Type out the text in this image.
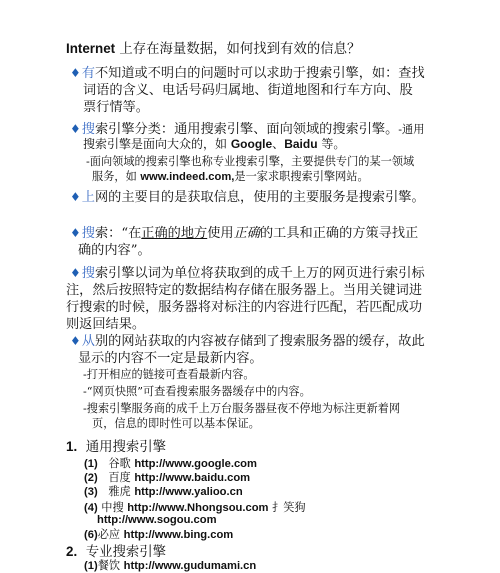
Internet 上存在海量数据，如何找到有效的信息？
♦有不知道或不明白的问题时可以求助于搜索引擎，如：查找
词语的含义、电话号码归属地、街道地图和行车方向、股
票行情等。
♦搜索引擎分类：通用搜索引擎、面向领域的搜索引擎。-通用
搜索引擎是面向大众的，如 Google、Baidu 等。
-面向领域的搜索引擎也称专业搜索引擎，主要提供专门的某一领域
服务，如 www.indeed.com,是一家求职搜索引擎网站。
♦上网的主要目的是获取信息，使用的主要服务是搜索引擎。
♦搜索：“在正确的地方使用正确的工具和正确的方策寻找正
确的内容”。
♦搜索引擎以词为单位将获取到的成千上万的网页进行索引标
注，然后按照特定的数据结构存储在服务器上。当用关键词进
行搜索的时候，服务器将对标注的内容进行匹配，若匹配成功
则返回结果。
♦从别的网站获取的内容被存储到了搜索服务器的缓存，故此
显示的内容不一定是最新内容。
-打开相应的链接可查看最新内容。
-“网页快照”可查看搜索服务器缓存中的内容。
-搜索引擎服务商的成千上万台服务器昼夜不停地为标注更新着网
页，信息的即时性可以基本保证。
1. 通用搜索引擎
(1) 谷歌 http://www.google.com
(2) 百度 http://www.baidu.com
(3) 雅虎 http://www.yalioo.cn
(4) 中搜 http://www.Nhongsou.com 扌笑狗
http://www.sogou.com
(6)必应 http://www.bing.com
2. 专业搜索引擎
(1)餐饮 http://www.gudumami.cn
